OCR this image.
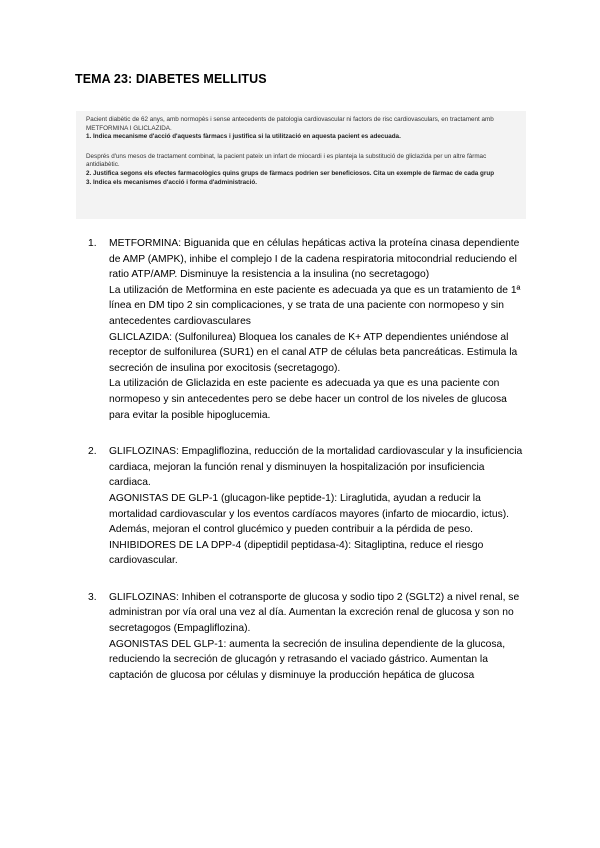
TEMA 23: DIABETES MELLITUS

Pacient diabètic de 62 anys, amb normopès i sense antecedents de patologia cardiovascular ni factors de risc cardiovasculars, en tractament amb METFORMINA I GLICLAZIDA.

1. Indica mecanisme d'acció d'aquests fàrmacs i justifica si la utilització en aquesta pacient es adecuada.

Després d'uns mesos de tractament combinat, la pacient pateix un infart de miocardi i es planteja la substitució de gliclazida per un altre fàrmac antidiabètic.

2. Justifica segons els efectes farmacològics quins grups de fàrmacs podrien ser beneficiosos. Cita un exemple de fàrmac de cada grup

3. Indica els mecanismes d'acció i forma d'administració.

1. METFORMINA: Biguanida que en células hepáticas activa la proteína cinasa dependiente de AMP (AMPK), inhibe el complejo I de la cadena respiratoria mitocondrial reduciendo el ratio ATP/AMP. Disminuye la resistencia a la insulina (no secretagogo)

La utilización de Metformina en este paciente es adecuada ya que es un tratamiento de 1ª línea en DM tipo 2 sin complicaciones, y se trata de una paciente con normopeso y sin antecedentes cardiovasculares

GLICLAZIDA: (Sulfonilurea) Bloquea los canales de K+ ATP dependientes uniéndose al receptor de sulfonilurea (SUR1) en el canal ATP de células beta pancreáticas. Estimula la secreción de insulina por exocitosis (secretagogo).

La utilización de Gliclazida en este paciente es adecuada ya que es una paciente con normopeso y sin antecedentes pero se debe hacer un control de los niveles de glucosa para evitar la posible hipoglucemia.

2. GLIFLOZINAS: Empagliflozina, reducción de la mortalidad cardiovascular y la insuficiencia cardiaca, mejoran la función renal y disminuyen la hospitalización por insuficiencia cardiaca.

AGONISTAS DE GLP-1 (glucagon-like peptide-1): Liraglutida, ayudan a reducir la mortalidad cardiovascular y los eventos cardíacos mayores (infarto de miocardio, ictus). Además, mejoran el control glucémico y pueden contribuir a la pérdida de peso.

INHIBIDORES DE LA DPP-4 (dipeptidil peptidasa-4): Sitagliptina, reduce el riesgo cardiovascular.

3. GLIFLOZINAS: Inhiben el cotransporte de glucosa y sodio tipo 2 (SGLT2) a nivel renal, se administran por vía oral una vez al día. Aumentan la excreción renal de glucosa y son no secretagogos (Empagliflozina).

AGONISTAS DEL GLP-1: aumenta la secreción de insulina dependiente de la glucosa, reduciendo la secreción de glucagón y retrasando el vaciado gástrico. Aumentan la captación de glucosa por células y disminuye la producción hepática de glucosa
